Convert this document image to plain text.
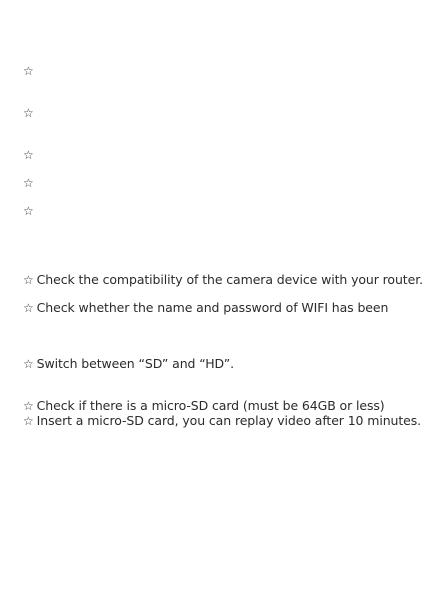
☆
☆
☆
☆
☆
☆ Check the compatibility of the camera device with your router.
☆ Check whether the name and password of WIFI has been
☆ Switch between “SD” and “HD”.
☆ Check if there is a micro-SD card (must be 64GB or less)
☆ Insert a micro-SD card, you can replay video after 10 minutes.
